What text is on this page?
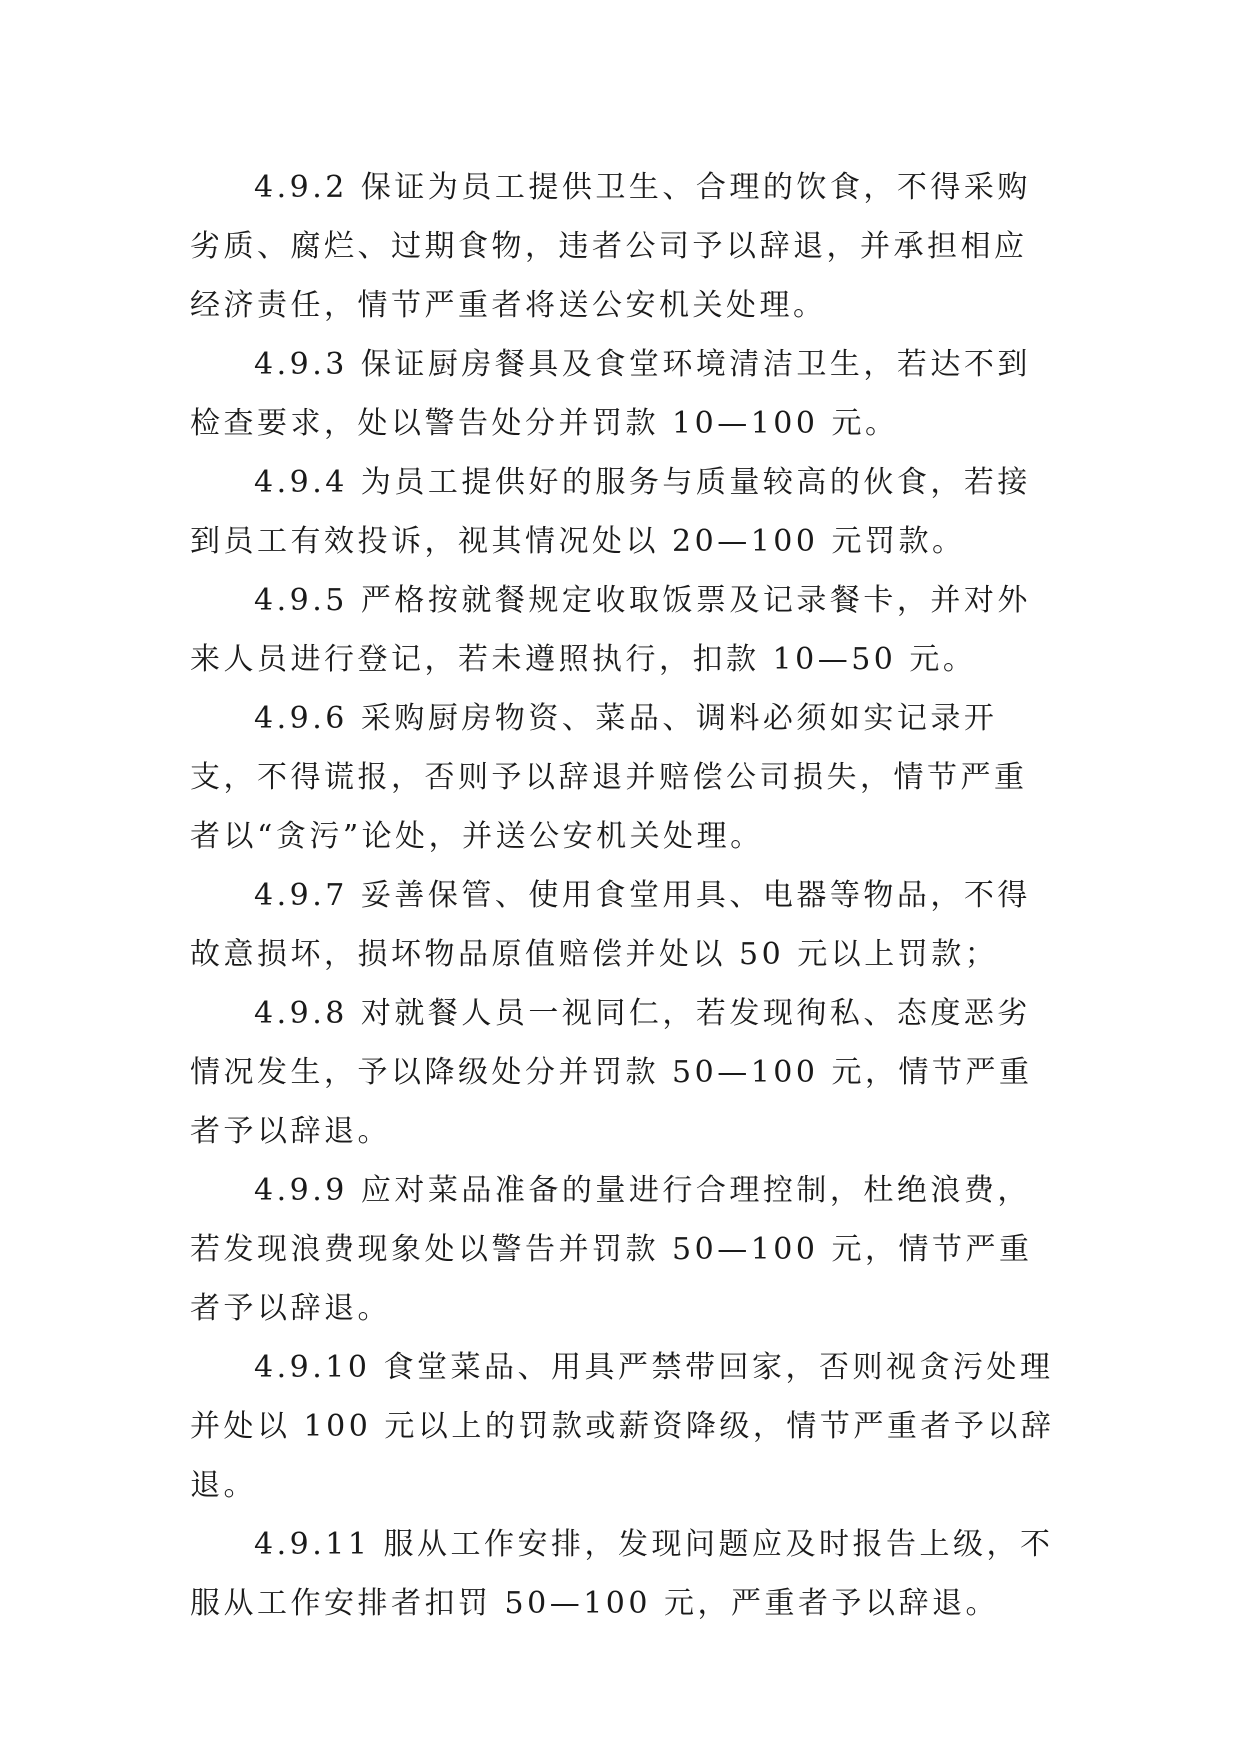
4.9.2 保证为员工提供卫生、合理的饮食，不得采购劣质、腐烂、过期食物，违者公司予以辞退，并承担相应经济责任，情节严重者将送公安机关处理。

4.9.3 保证厨房餐具及食堂环境清洁卫生，若达不到检查要求，处以警告处分并罚款 10—100 元。

4.9.4 为员工提供好的服务与质量较高的伙食，若接到员工有效投诉，视其情况处以 20—100 元罚款。

4.9.5 严格按就餐规定收取饭票及记录餐卡，并对外来人员进行登记，若未遵照执行，扣款 10—50 元。

4.9.6 采购厨房物资、菜品、调料必须如实记录开支，不得谎报，否则予以辞退并赔偿公司损失，情节严重者以“贪污”论处，并送公安机关处理。

4.9.7 妥善保管、使用食堂用具、电器等物品，不得故意损坏，损坏物品原值赔偿并处以 50 元以上罚款；

4.9.8 对就餐人员一视同仁，若发现徇私、态度恶劣情况发生，予以降级处分并罚款 50—100 元，情节严重者予以辞退。

4.9.9 应对菜品准备的量进行合理控制，杜绝浪费，若发现浪费现象处以警告并罚款 50—100 元，情节严重者予以辞退。

4.9.10 食堂菜品、用具严禁带回家，否则视贪污处理并处以 100 元以上的罚款或薪资降级，情节严重者予以辞退。

4.9.11 服从工作安排，发现问题应及时报告上级，不服从工作安排者扣罚 50—100 元，严重者予以辞退。
